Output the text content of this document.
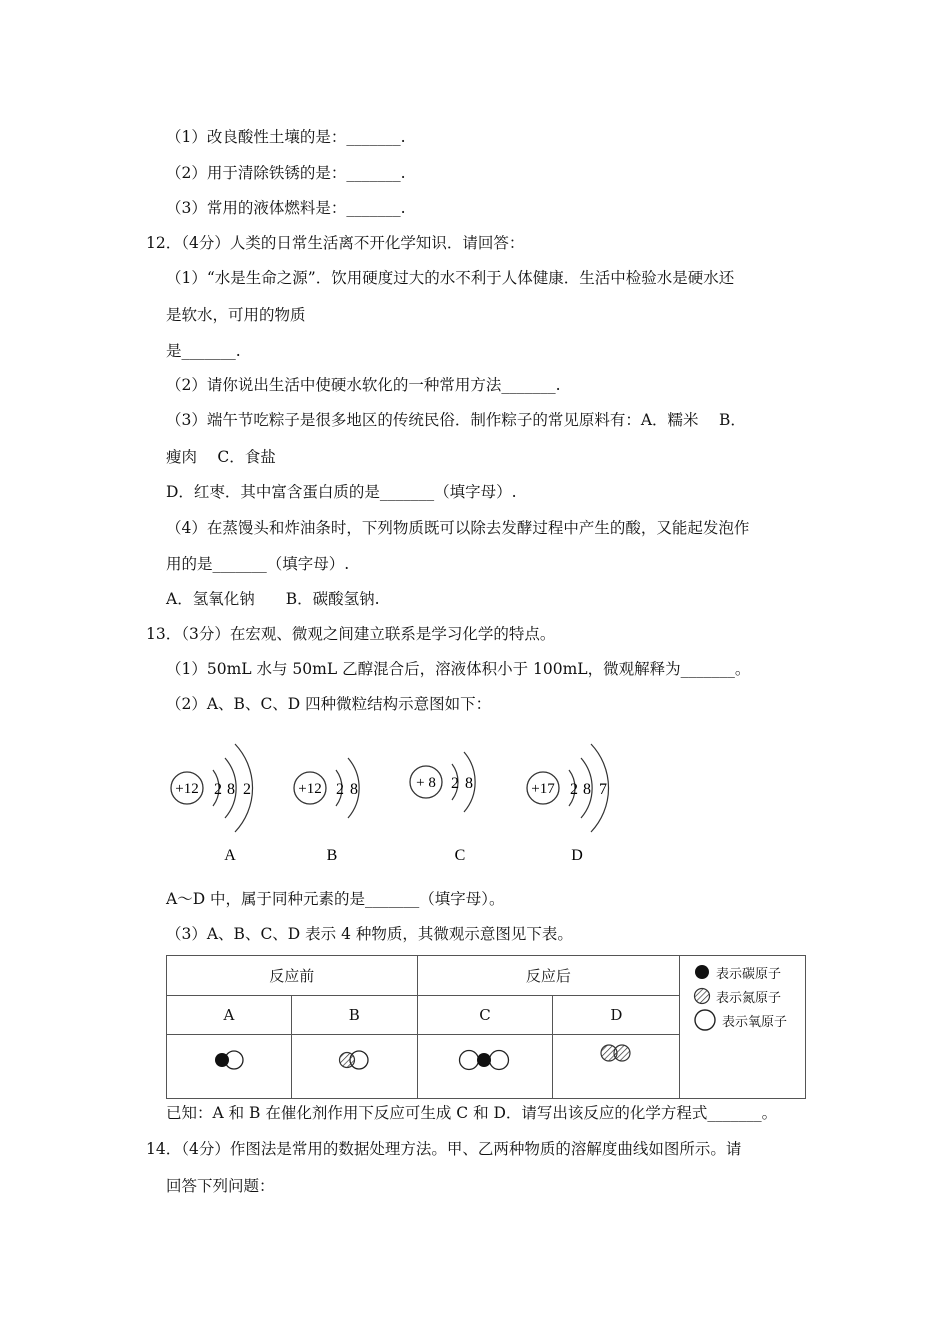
（1）改良酸性土壤的是：_______.
（2）用于清除铁锈的是：_______.
（3）常用的液体燃料是：_______.
12．（4分）人类的日常生活离不开化学知识．请回答：
（1）“水是生命之源”．饮用硬度过大的水不利于人体健康．生活中检验水是硬水还
是软水，可用的物质
是_______.
（2）请你说出生活中使硬水软化的一种常用方法_______.
（3）端午节吃粽子是很多地区的传统民俗．制作粽子的常见原料有：A．糯米　 B．
瘦肉　 C．食盐
D．红枣．其中富含蛋白质的是_______（填字母）.
（4）在蒸馒头和炸油条时，下列物质既可以除去发酵过程中产生的酸，又能起发泡作
用的是_______（填字母）.
A．氢氧化钠　　B．碳酸氢钠.
13．（3分）在宏观、微观之间建立联系是学习化学的特点。
（1）50mL 水与 50mL 乙醇混合后，溶液体积小于 100mL，微观解释为_______。
（2）A、B、C、D 四种微粒结构示意图如下：
+12 2 8 2
A
+12 2 8
B
+ 8 2 8
C
+17 2 8 7
D
A～D 中，属于同种元素的是_______（填字母）。
（3）A、B、C、D 表示 4 种物质，其微观示意图见下表。
反应前		反应后		
A	B	C	D	

表示碳原子
表示氮原子
表示氧原子
已知：A 和 B 在催化剂作用下反应可生成 C 和 D．请写出该反应的化学方程式_______。
14．（4分）作图法是常用的数据处理方法。甲、乙两种物质的溶解度曲线如图所示。请
回答下列问题：
